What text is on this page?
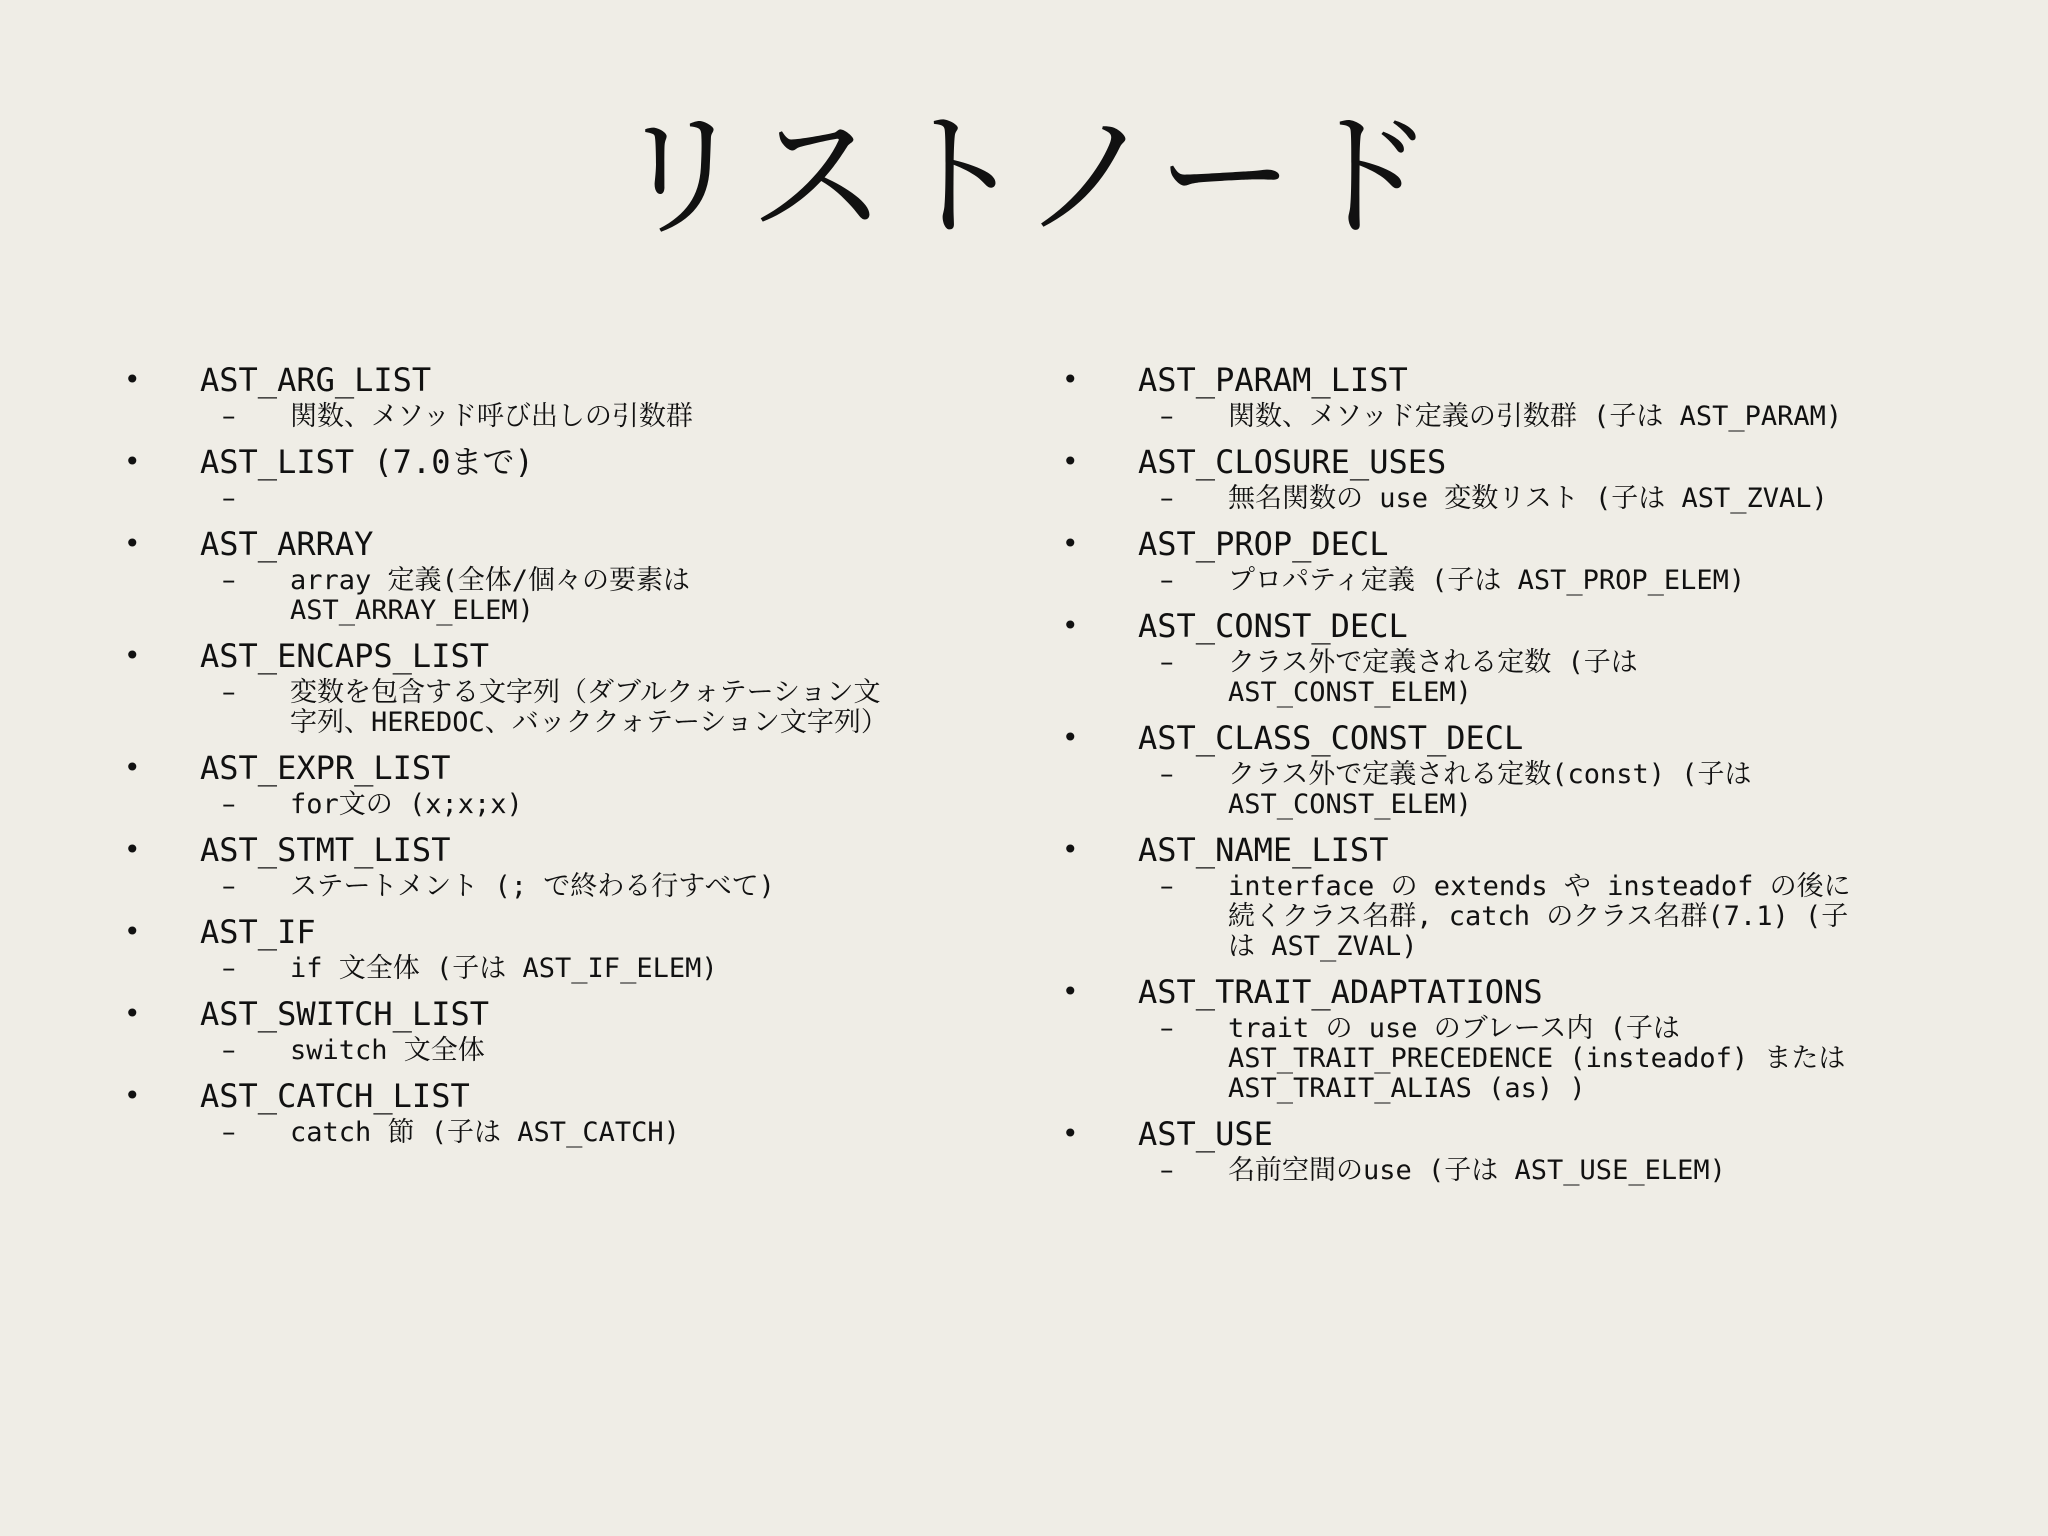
リストノード
• AST_ARG_LIST
– 関数、メソッド呼び出しの引数群
• AST_LIST (7.0まで)
–
• AST_ARRAY
– array 定義(全体/個々の要素は
AST_ARRAY_ELEM)
• AST_ENCAPS_LIST
– 変数を包含する文字列（ダブルクォテーション文
字列、HEREDOC、バッククォテーション文字列）
• AST_EXPR_LIST
– for文の (x;x;x)
• AST_STMT_LIST
– ステートメント (; で終わる行すべて)
• AST_IF
– if 文全体 (子は AST_IF_ELEM)
• AST_SWITCH_LIST
– switch 文全体
• AST_CATCH_LIST
– catch 節 (子は AST_CATCH)
• AST_PARAM_LIST
– 関数、メソッド定義の引数群 (子は AST_PARAM)
• AST_CLOSURE_USES
– 無名関数の use 変数リスト (子は AST_ZVAL)
• AST_PROP_DECL
– プロパティ定義 (子は AST_PROP_ELEM)
• AST_CONST_DECL
– クラス外で定義される定数 (子は
AST_CONST_ELEM)
• AST_CLASS_CONST_DECL
– クラス外で定義される定数(const) (子は
AST_CONST_ELEM)
• AST_NAME_LIST
– interface の extends や insteadof の後に
続くクラス名群, catch のクラス名群(7.1) (子
は AST_ZVAL)
• AST_TRAIT_ADAPTATIONS
– trait の use のブレース内 (子は
AST_TRAIT_PRECEDENCE (insteadof) または
AST_TRAIT_ALIAS (as) )
• AST_USE
– 名前空間のuse (子は AST_USE_ELEM)
